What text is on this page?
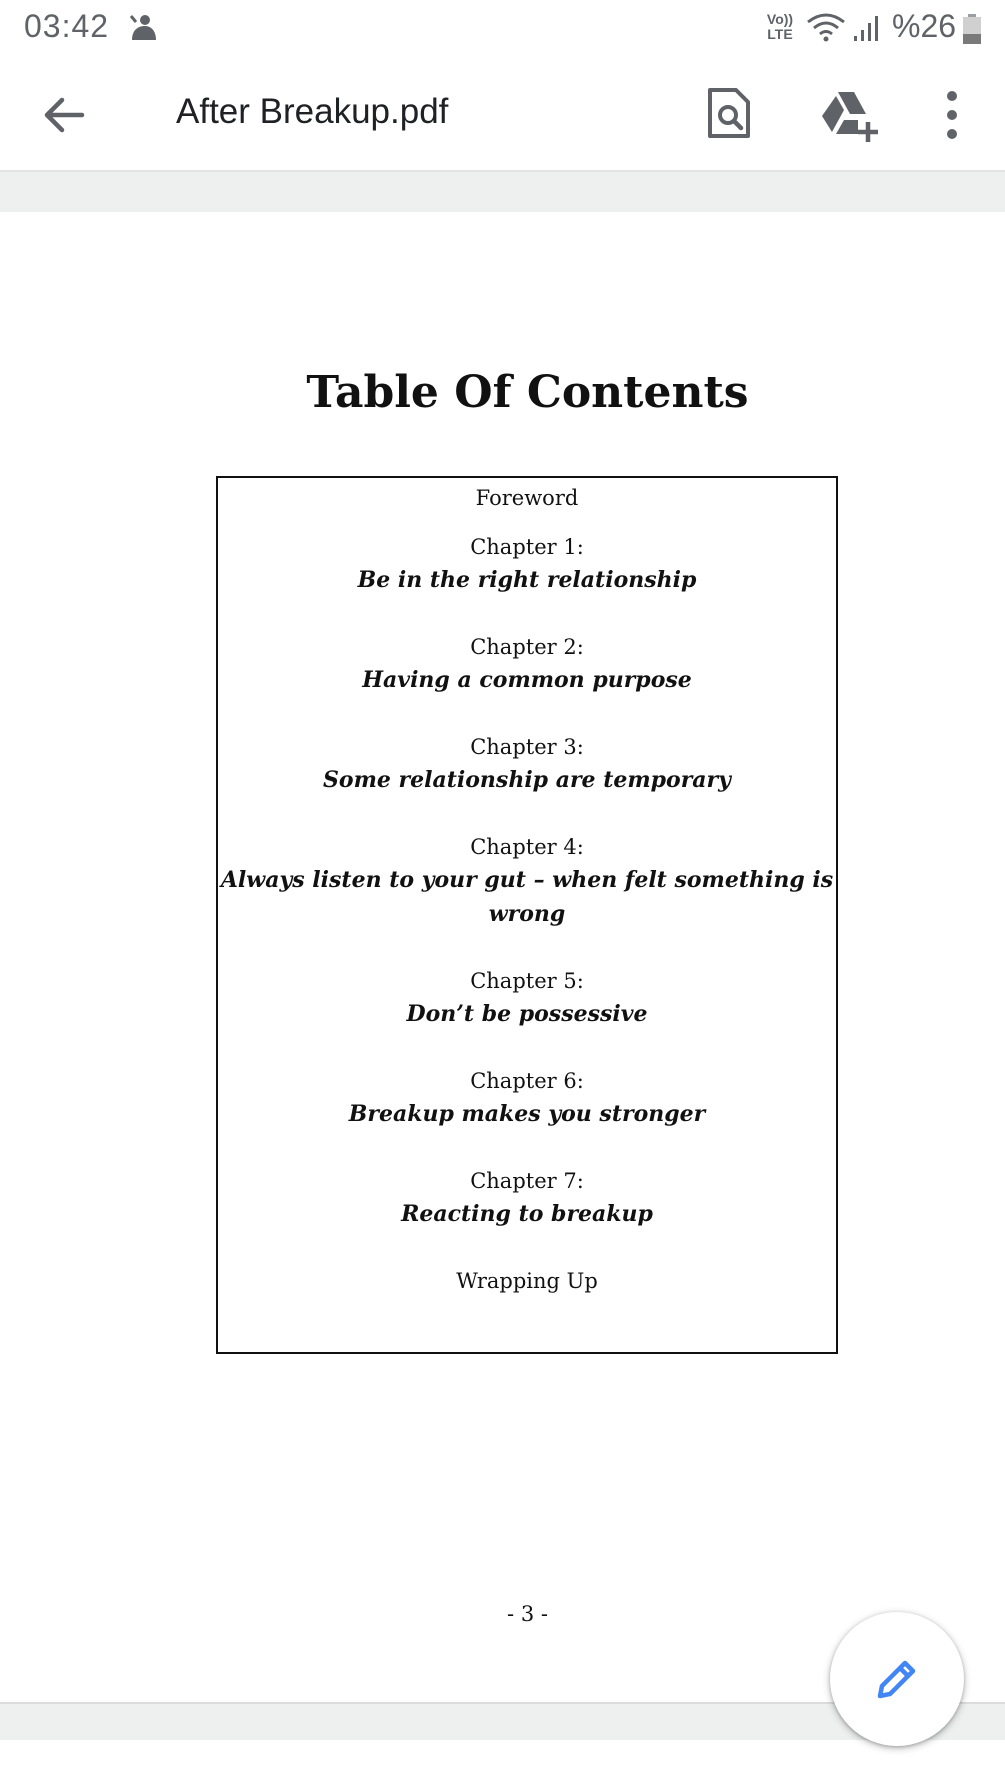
03:42	Vo)) LTE	%26
After Breakup.pdf
Table Of Contents
Foreword
Chapter 1:
Be in the right relationship
Chapter 2:
Having a common purpose
Chapter 3:
Some relationship are temporary
Chapter 4:
Always listen to your gut – when felt something is
wrong
Chapter 5:
Don’t be possessive
Chapter 6:
Breakup makes you stronger
Chapter 7:
Reacting to breakup
Wrapping Up
- 3 -
